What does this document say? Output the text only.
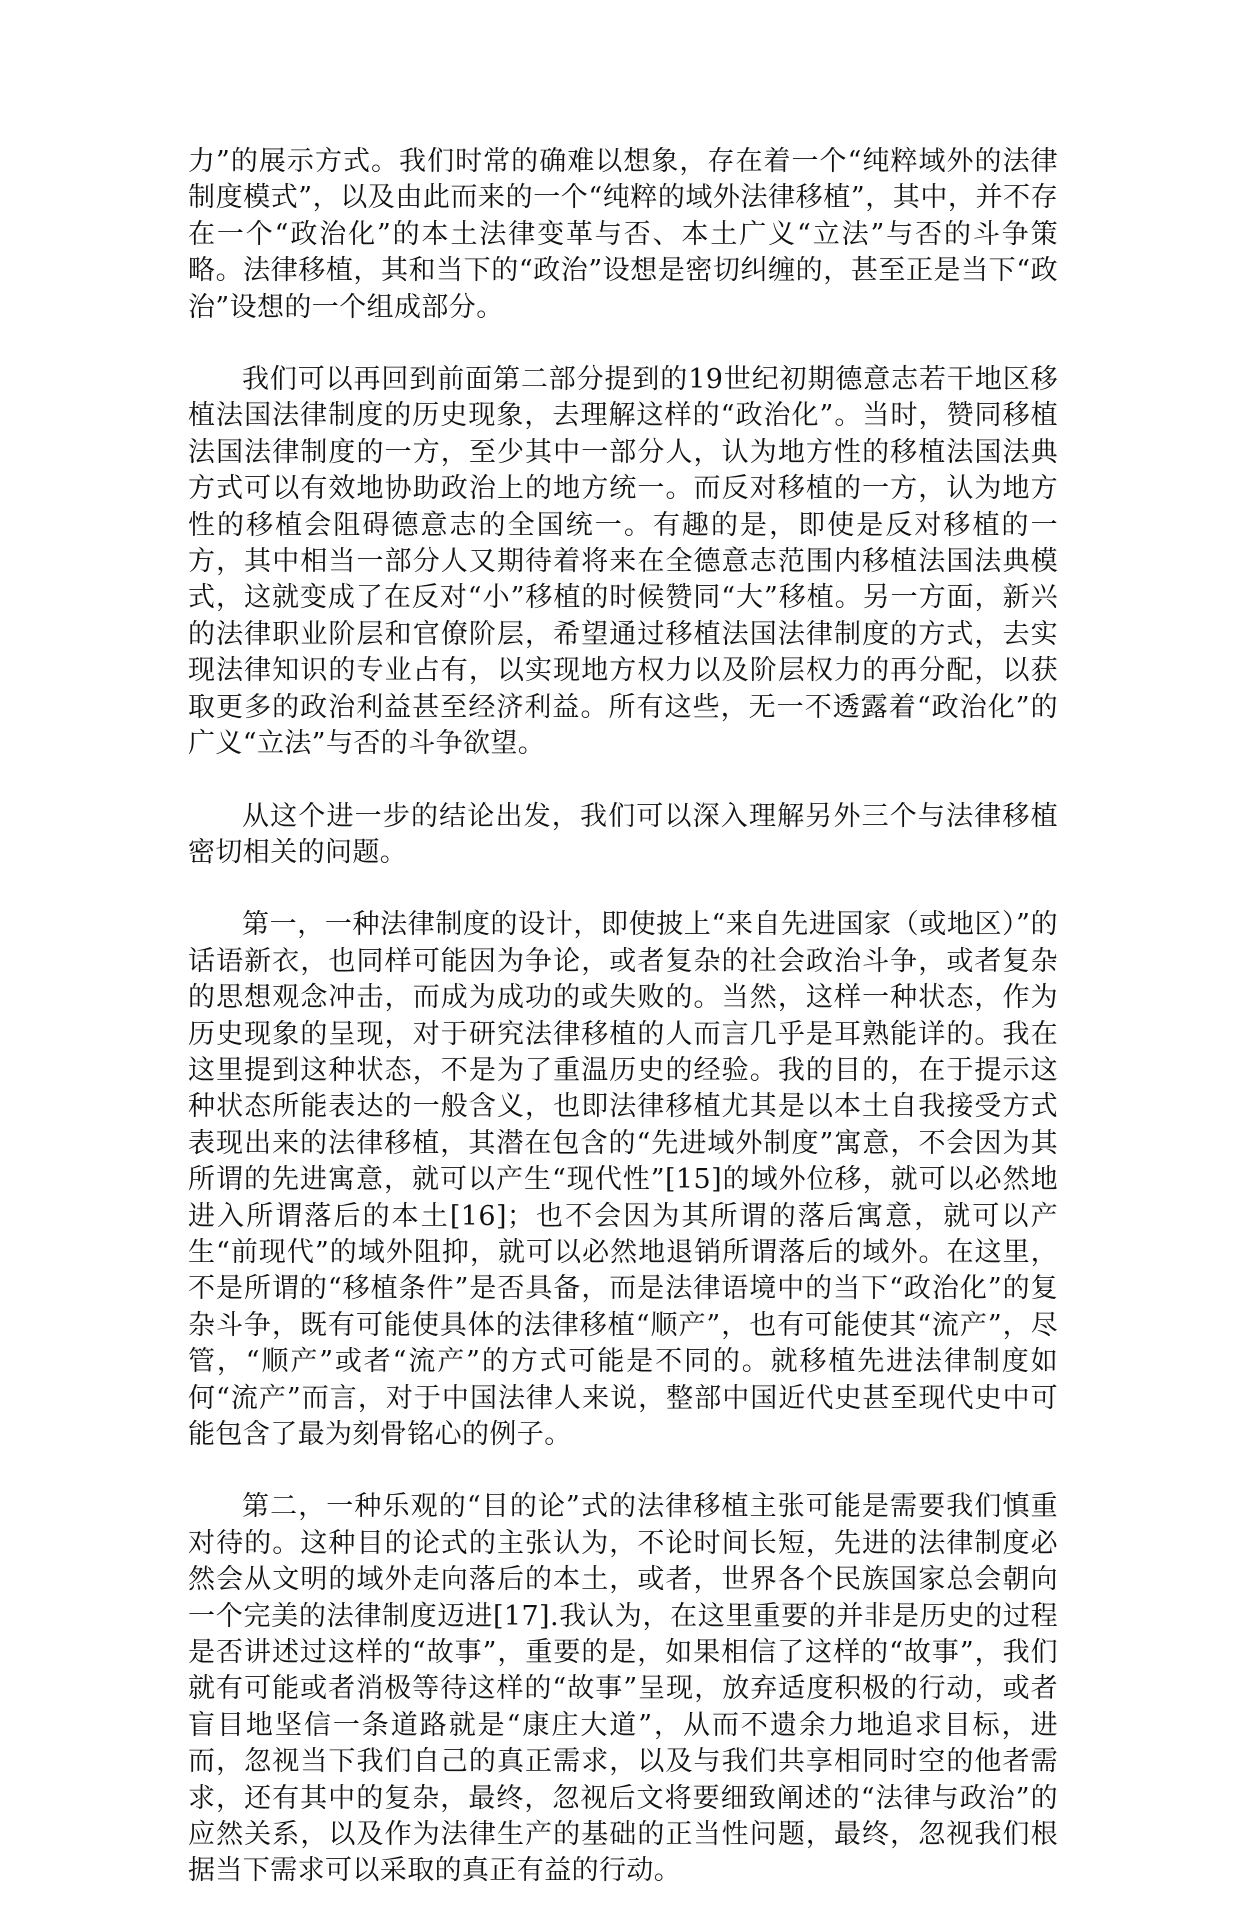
力”的展示方式。我们时常的确难以想象，存在着一个“纯粹域外的法律制度模式”，以及由此而来的一个“纯粹的域外法律移植”，其中，并不存在一个“政治化”的本土法律变革与否、本土广义“立法”与否的斗争策略。法律移植，其和当下的“政治”设想是密切纠缠的，甚至正是当下“政治”设想的一个组成部分。

我们可以再回到前面第二部分提到的19世纪初期德意志若干地区移植法国法律制度的历史现象，去理解这样的“政治化”。当时，赞同移植法国法律制度的一方，至少其中一部分人，认为地方性的移植法国法典方式可以有效地协助政治上的地方统一。而反对移植的一方，认为地方性的移植会阻碍德意志的全国统一。有趣的是，即使是反对移植的一方，其中相当一部分人又期待着将来在全德意志范围内移植法国法典模式，这就变成了在反对“小”移植的时候赞同“大”移植。另一方面，新兴的法律职业阶层和官僚阶层，希望通过移植法国法律制度的方式，去实现法律知识的专业占有，以实现地方权力以及阶层权力的再分配，以获取更多的政治利益甚至经济利益。所有这些，无一不透露着“政治化”的广义“立法”与否的斗争欲望。

从这个进一步的结论出发，我们可以深入理解另外三个与法律移植密切相关的问题。

第一，一种法律制度的设计，即使披上“来自先进国家（或地区）”的话语新衣，也同样可能因为争论，或者复杂的社会政治斗争，或者复杂的思想观念冲击，而成为成功的或失败的。当然，这样一种状态，作为历史现象的呈现，对于研究法律移植的人而言几乎是耳熟能详的。我在这里提到这种状态，不是为了重温历史的经验。我的目的，在于提示这种状态所能表达的一般含义，也即法律移植尤其是以本土自我接受方式表现出来的法律移植，其潜在包含的“先进域外制度”寓意，不会因为其所谓的先进寓意，就可以产生“现代性”[15]的域外位移，就可以必然地进入所谓落后的本土[16]；也不会因为其所谓的落后寓意，就可以产生“前现代”的域外阻抑，就可以必然地退销所谓落后的域外。在这里，不是所谓的“移植条件”是否具备，而是法律语境中的当下“政治化”的复杂斗争，既有可能使具体的法律移植“顺产”，也有可能使其“流产”，尽管，“顺产”或者“流产”的方式可能是不同的。就移植先进法律制度如何“流产”而言，对于中国法律人来说，整部中国近代史甚至现代史中可能包含了最为刻骨铭心的例子。

第二，一种乐观的“目的论”式的法律移植主张可能是需要我们慎重对待的。这种目的论式的主张认为，不论时间长短，先进的法律制度必然会从文明的域外走向落后的本土，或者，世界各个民族国家总会朝向一个完美的法律制度迈进[17].我认为，在这里重要的并非是历史的过程是否讲述过这样的“故事”，重要的是，如果相信了这样的“故事”，我们就有可能或者消极等待这样的“故事”呈现，放弃适度积极的行动，或者盲目地坚信一条道路就是“康庄大道”，从而不遗余力地追求目标，进而，忽视当下我们自己的真正需求，以及与我们共享相同时空的他者需求，还有其中的复杂，最终，忽视后文将要细致阐述的“法律与政治”的应然关系，以及作为法律生产的基础的正当性问题，最终，忽视我们根据当下需求可以采取的真正有益的行动。
